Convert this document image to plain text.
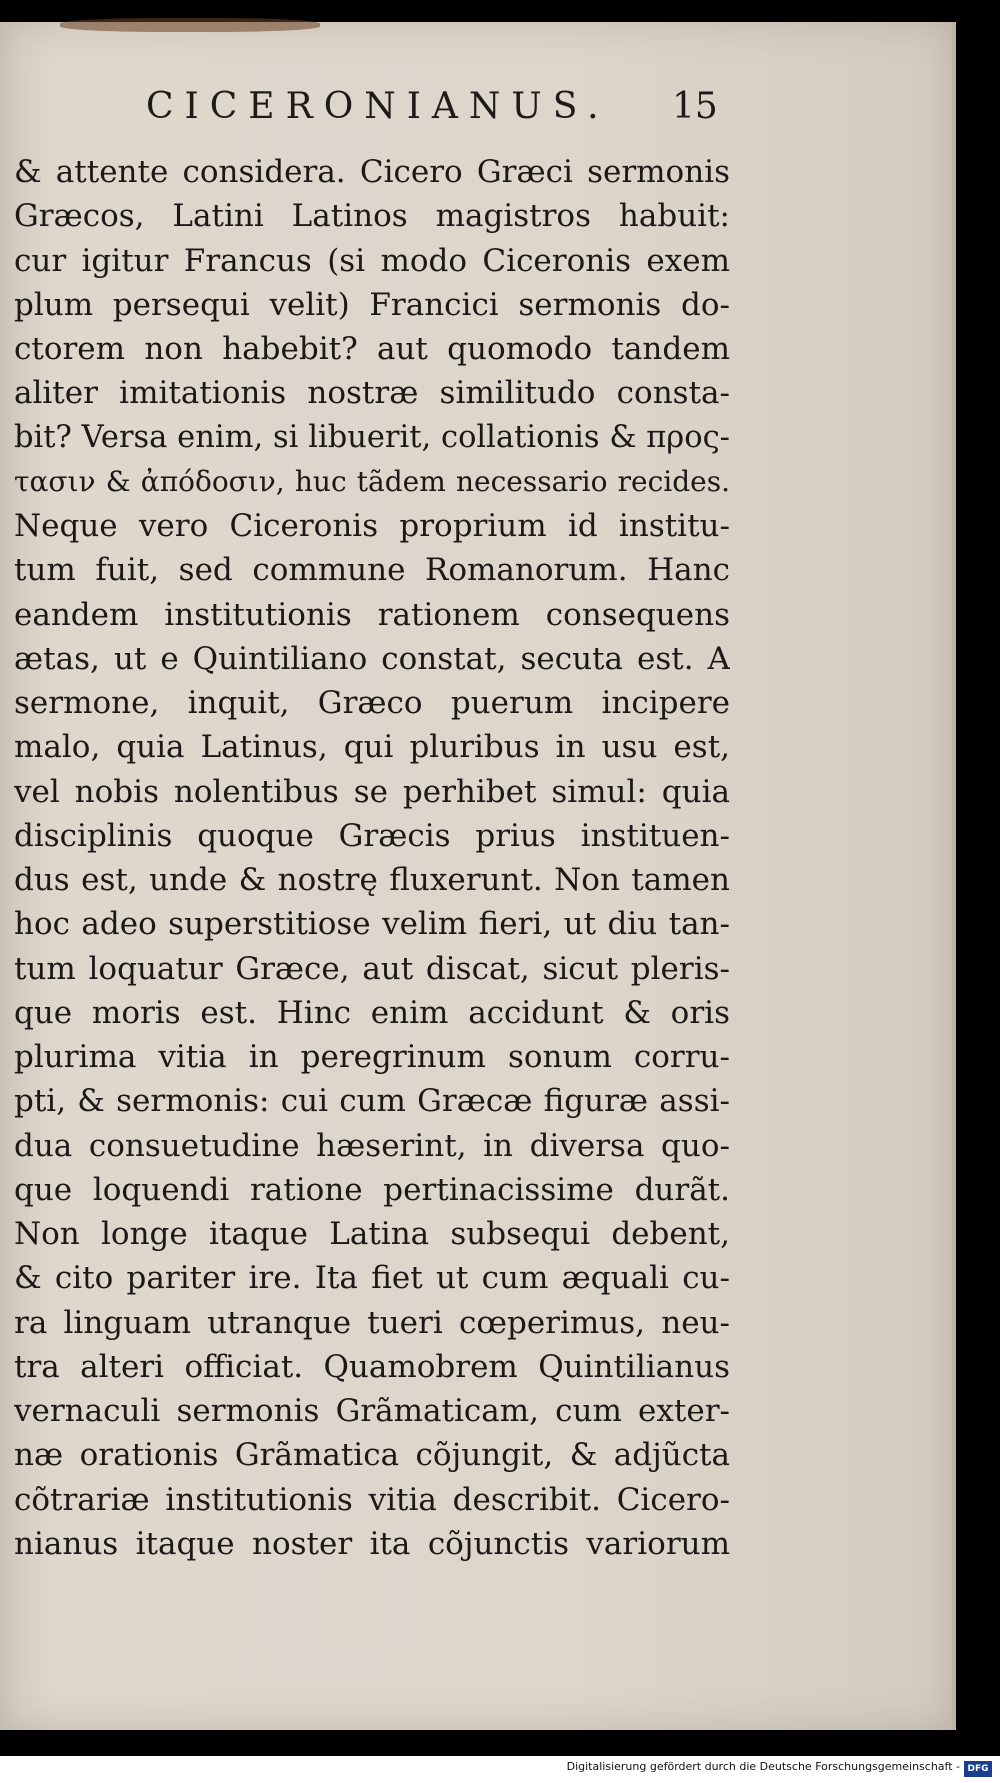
CICERONIANUS. 15
& attente considera. Cicero Græci sermonis
Græcos, Latini Latinos magistros habuit:
cur igitur Francus (si modo Ciceronis exem
plum persequi velit) Francici sermonis do-
ctorem non habebit? aut quomodo tandem
aliter imitationis nostræ similitudo consta-
bit? Versa enim, si libuerit, collationis & προς-
τασιν & ἀπόδοσιν, huc tãdem necessario recides.
Neque vero Ciceronis proprium id institu-
tum fuit, sed commune Romanorum. Hanc
eandem institutionis rationem consequens
ætas, ut e Quintiliano constat, secuta est. A
sermone, inquit, Græco puerum incipere
malo, quia Latinus, qui pluribus in usu est,
vel nobis nolentibus se perhibet simul: quia
disciplinis quoque Græcis prius instituen-
dus est, unde & nostrę fluxerunt. Non tamen
hoc adeo superstitiose velim fieri, ut diu tan-
tum loquatur Græce, aut discat, sicut pleris-
que moris est. Hinc enim accidunt & oris
plurima vitia in peregrinum sonum corru-
pti, & sermonis: cui cum Græcæ figuræ assi-
dua consuetudine hæserint, in diversa quo-
que loquendi ratione pertinacissime durãt.
Non longe itaque Latina subsequi debent,
& cito pariter ire. Ita fiet ut cum æquali cu-
ra linguam utranque tueri cœperimus, neu-
tra alteri officiat. Quamobrem Quintilianus
vernaculi sermonis Grãmaticam, cum exter-
næ orationis Grãmatica cõjungit, & adjũcta
cõtrariæ institutionis vitia describit. Cicero-
nianus itaque noster ita cõjunctis variorum
Digitalisierung gefördert durch die Deutsche Forschungsgemeinschaft - DFG
